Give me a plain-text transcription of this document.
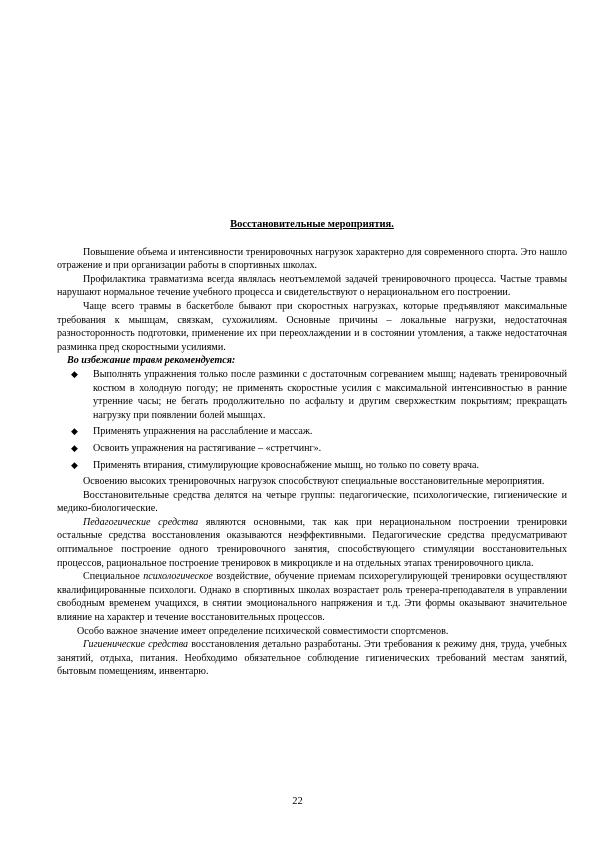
Восстановительные мероприятия.

Повышение объема и интенсивности тренировочных нагрузок характерно для современного спорта. Это нашло отражение и при организации работы в спортивных школах.

Профилактика травматизма всегда являлась неотъемлемой задачей тренировочного процесса. Частые травмы нарушают нормальное течение учебного процесса и свидетельствуют о нерациональном его построении.

Чаще всего травмы в баскетболе бывают при скоростных нагрузках, которые предъявляют максимальные требования к мышцам, связкам, сухожилиям. Основные причины – локальные нагрузки, недостаточная разносторонность подготовки, применение их при переохлаждении и в состоянии утомления, а также недостаточная разминка пред скоростными усилиями.

Во избежание травм рекомендуется:
◆ Выполнять упражнения только после разминки с достаточным согреванием мышц; надевать тренировочный костюм в холодную погоду; не применять скоростные усилия с максимальной интенсивностью в ранние утренние часы; не бегать продолжительно по асфальту и другим сверхжестким покрытиям; прекращать нагрузку при появлении болей мышцах.
◆ Применять упражнения на расслабление и массаж.
◆ Освоить упражнения на растягивание – «стретчинг».
◆ Применять втирания, стимулирующие кровоснабжение мышц, но только по совету врача.

Освоению высоких тренировочных нагрузок способствуют специальные восстановительные мероприятия.

Восстановительные средства делятся на четыре группы: педагогические, психологические, гигиенические и медико-биологические.

Педагогические средства являются основными, так как при нерациональном построении тренировки остальные средства восстановления оказываются неэффективными. Педагогические средства предусматривают оптимальное построение одного тренировочного занятия, способствующего стимуляции восстановительных процессов, рациональное построение тренировок в микроцикле и на отдельных этапах тренировочного цикла.

Специальное психологическое воздействие, обучение приемам психорегулирующей тренировки осуществляют квалифицированные психологи. Однако в спортивных школах возрастает роль тренера-преподавателя в управлении свободным временем учащихся, в снятии эмоционального напряжения и т.д. Эти формы оказывают значительное влияние на характер и течение восстановительных процессов.

Особо важное значение имеет определение психической совместимости спортсменов.

Гигиенические средства восстановления детально разработаны. Эти требования к режиму дня, труда, учебных занятий, отдыха, питания. Необходимо обязательное соблюдение гигиенических требований местам занятий, бытовым помещениям, инвентарю.

22
